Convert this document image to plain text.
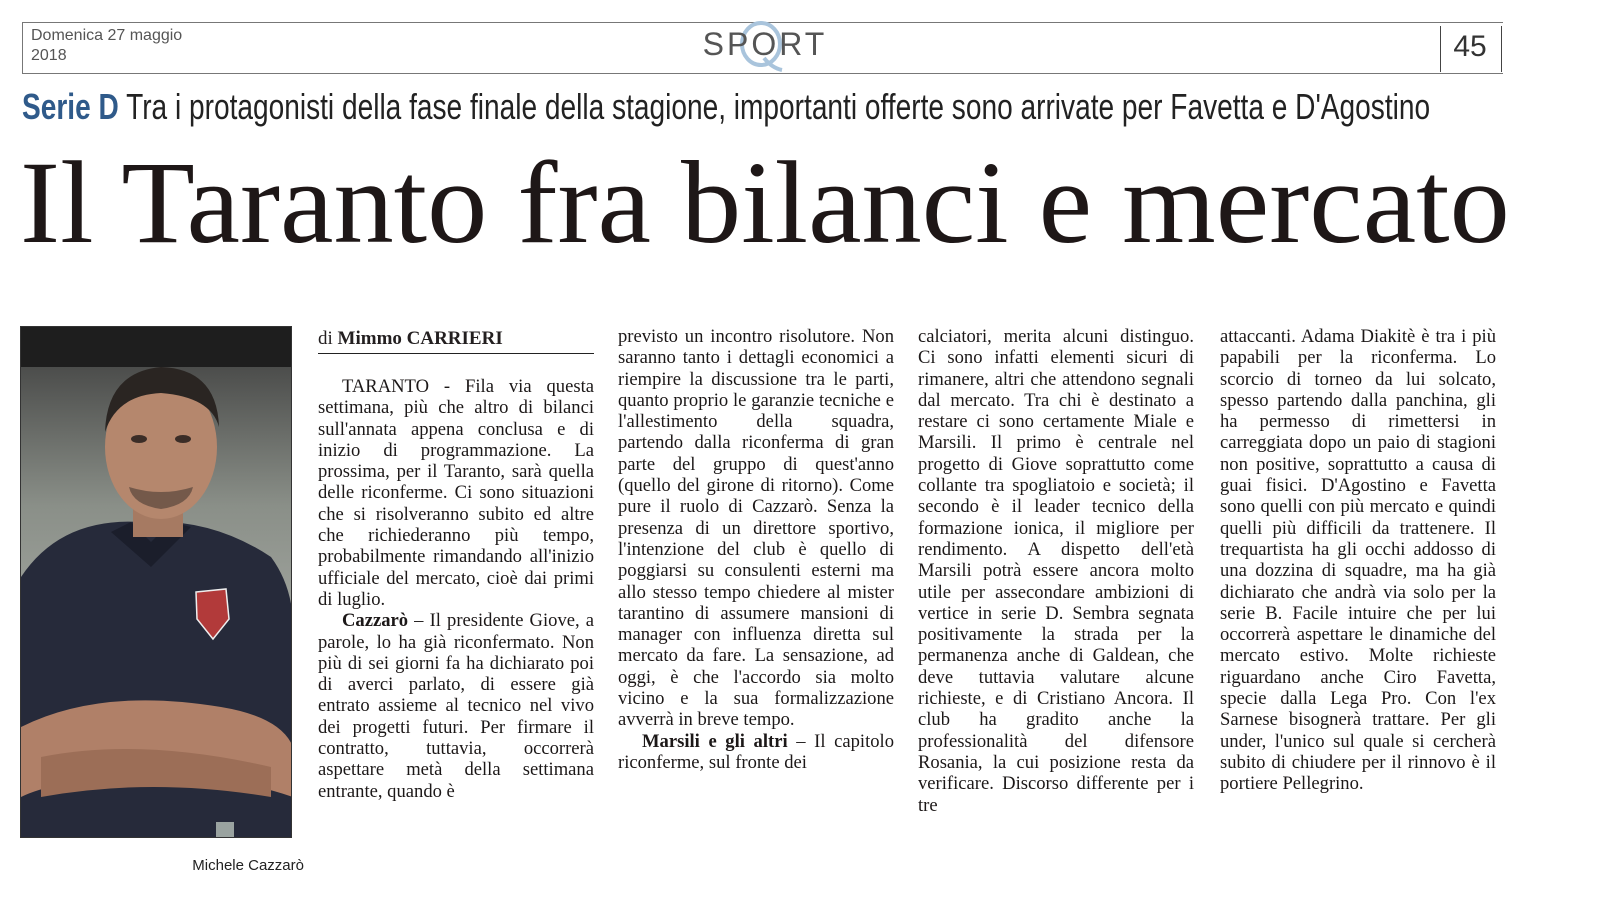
Domenica 27 maggio
2018	SPORT	45
Serie D Tra i protagonisti della fase finale della stagione, importanti offerte sono arrivate per Favetta e D'Agostino
Il Taranto fra bilanci e mercato
Michele Cazzarò
di Mimmo CARRIERI

TARANTO - Fila via questa settimana, più che altro di bilanci sull'annata appena conclusa e di inizio di programmazione. La prossima, per il Taranto, sarà quella delle riconferme. Ci sono situazioni che si risolveranno subito ed altre che richiederanno più tempo, probabilmente rimandando all'inizio ufficiale del mercato, cioè dai primi di luglio.

Cazzarò – Il presidente Giove, a parole, lo ha già riconfermato. Non più di sei giorni fa ha dichiarato poi di averci parlato, di essere già entrato assieme al tecnico nel vivo dei progetti futuri. Per firmare il contratto, tuttavia, occorrerà aspettare metà della settimana entrante, quando è

previsto un incontro risolutore. Non saranno tanto i dettagli economici a riempire la discussione tra le parti, quanto proprio le garanzie tecniche e l'allestimento della squadra, partendo dalla riconferma di gran parte del gruppo di quest'anno (quello del girone di ritorno). Come pure il ruolo di Cazzarò. Senza la presenza di un direttore sportivo, l'intenzione del club è quello di poggiarsi su consulenti esterni ma allo stesso tempo chiedere al mister tarantino di assumere mansioni di manager con influenza diretta sul mercato da fare. La sensazione, ad oggi, è che l'accordo sia molto vicino e la sua formalizzazione avverrà in breve tempo.

Marsili e gli altri – Il capitolo riconferme, sul fronte dei

calciatori, merita alcuni distinguo. Ci sono infatti elementi sicuri di rimanere, altri che attendono segnali dal mercato. Tra chi è destinato a restare ci sono certamente Miale e Marsili. Il primo è centrale nel progetto di Giove soprattutto come collante tra spogliatoio e società; il secondo è il leader tecnico della formazione ionica, il migliore per rendimento. A dispetto dell'età Marsili potrà essere ancora molto utile per assecondare ambizioni di vertice in serie D. Sembra segnata positivamente la strada per la permanenza anche di Galdean, che deve tuttavia valutare alcune richieste, e di Cristiano Ancora. Il club ha gradito anche la professionalità del difensore Rosania, la cui posizione resta da verificare. Discorso differente per i tre

attaccanti. Adama Diakitè è tra i più papabili per la riconferma. Lo scorcio di torneo da lui solcato, spesso partendo dalla panchina, gli ha permesso di rimettersi in carreggiata dopo un paio di stagioni non positive, soprattutto a causa di guai fisici. D'Agostino e Favetta sono quelli con più mercato e quindi quelli più difficili da trattenere. Il trequartista ha gli occhi addosso di una dozzina di squadre, ma ha già dichiarato che andrà via solo per la serie B. Facile intuire che per lui occorrerà aspettare le dinamiche del mercato estivo. Molte richieste riguardano anche Ciro Favetta, specie dalla Lega Pro. Con l'ex Sarnese bisognerà trattare. Per gli under, l'unico sul quale si cercherà subito di chiudere per il rinnovo è il portiere Pellegrino.
